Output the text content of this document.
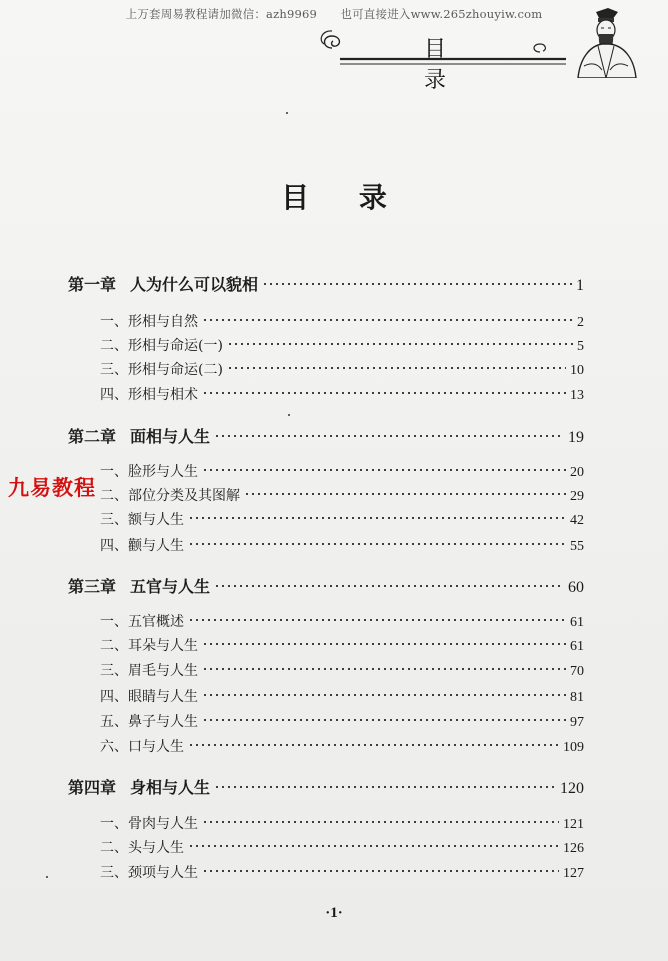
上万套周易教程请加微信：azh9969　　也可直接进入www.265zhouyiw.com
目 录
目 录
第一章 人为什么可以貌相	1
一、形相与自然	2
二、形相与命运(一)	5
三、形相与命运(二)	10
四、形相与相术	13
第二章 面相与人生	19
一、脸形与人生	20
二、部位分类及其图解	29
三、额与人生	42
四、颧与人生	55
第三章 五官与人生	60
一、五官概述	61
二、耳朵与人生	61
三、眉毛与人生	70
四、眼睛与人生	81
五、鼻子与人生	97
六、口与人生	109
第四章 身相与人生	120
一、骨肉与人生	121
二、头与人生	126
三、颈项与人生	127
九易教程
·1·
